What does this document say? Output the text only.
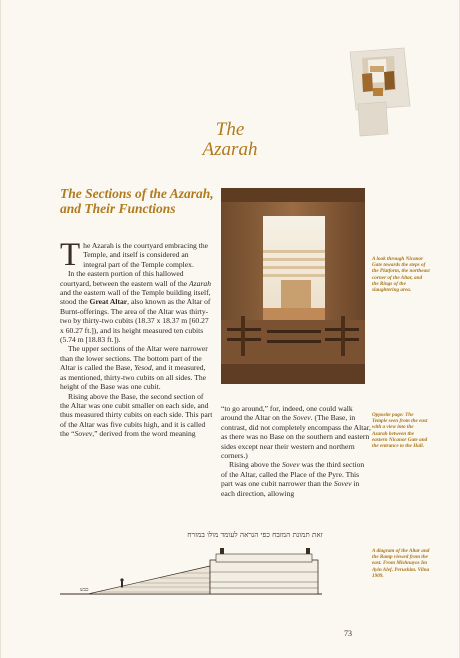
The
Azarah
The Sections of the Azarah, and Their Functions

The Azarah is the courtyard embracing the Temple, and itself is considered an integral part of the Temple complex.

In the eastern portion of this hallowed courtyard, between the eastern wall of the Azarah and the eastern wall of the Temple building itself, stood the Great Altar, also known as the Altar of Burnt-offerings. The area of the Altar was thirty-two by thirty-two cubits (18.37 x 18.37 m [60.27 x 60.27 ft.]), and its height measured ten cubits (5.74 m [18.83 ft.]).

The upper sections of the Altar were narrower than the lower sections. The bottom part of the Altar is called the Base, Yesod, and it measured, as mentioned, thirty-two cubits on all sides. The height of the Base was one cubit.

Rising above the Base, the second section of the Altar was one cubit smaller on each side, and thus measured thirty cubits on each side. This part of the Altar was five cubits high, and it is called the “Sovev,” derived from the word meaning

“to go around,” for, indeed, one could walk around the Altar on the Sovev. (The Base, in contrast, did not completely encompass the Altar, as there was no Base on the southern and eastern sides except near their western and northern corners.)

Rising above the Sovev was the third section of the Altar, called the Place of the Pyre. This part was one cubit narrower than the Sovev in each direction, allowing

A look through Nicanor Gate towards the steps of the Platform, the northeast corner of the Altar, and the Rings of the slaughtering area.
Opposite page: The Temple seen from the east with a view into the Azarah between the eastern Nicanor Gate and the entrance to the Hall.
A diagram of the Altar and the Ramp viewed from the east. From Mishnayos Im Ayin Alef, Perushim. Vilna 1909.
זאת תמונת המזבח כפי הנראה לעומד מולו במזרח
כבש
73
